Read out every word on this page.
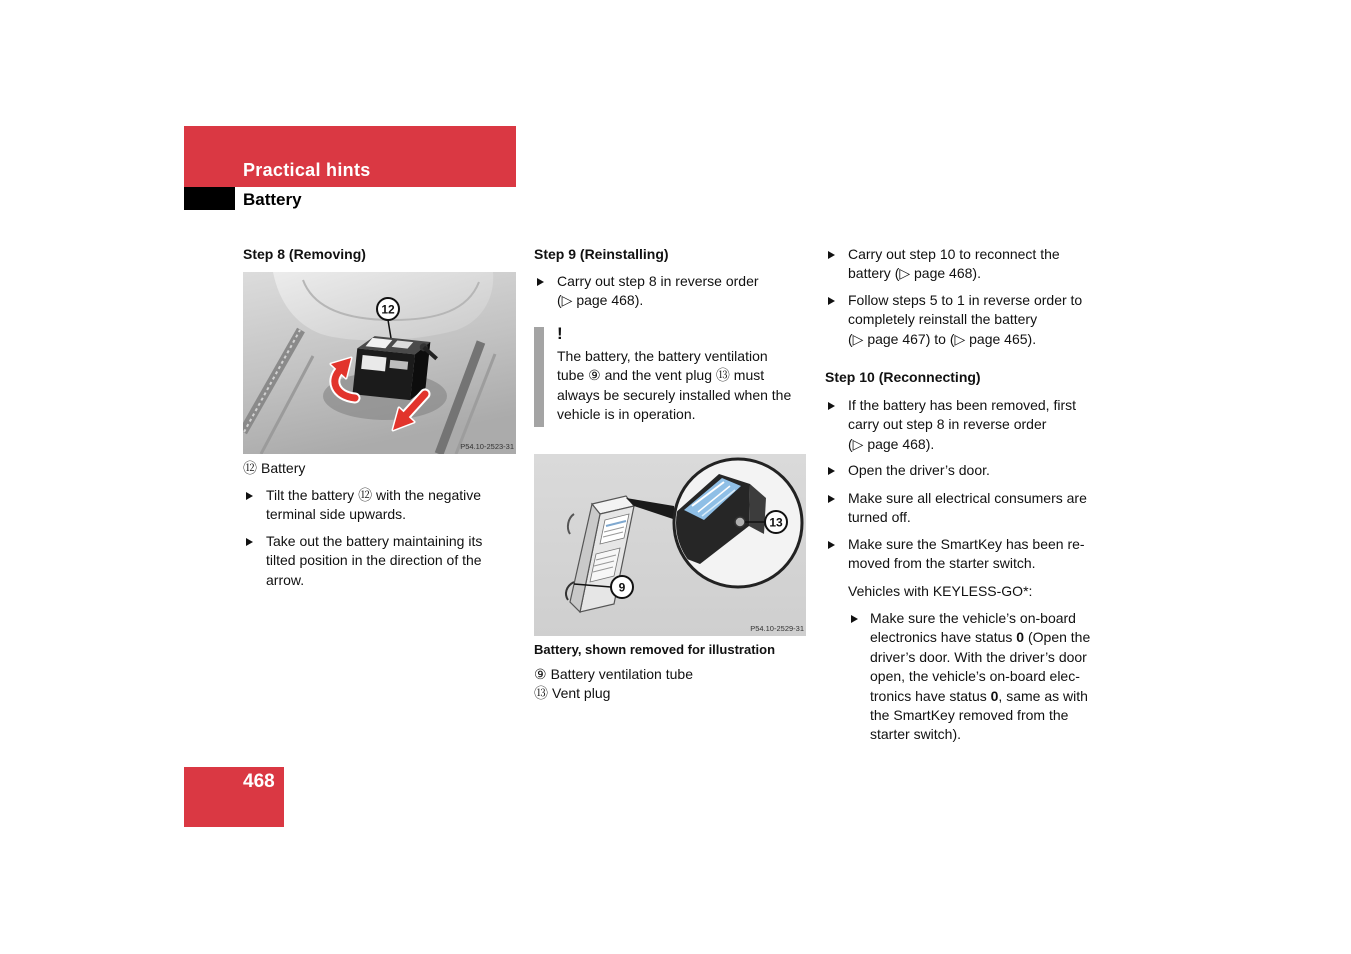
Practical hints
Battery
Step 8 (Removing)
12
P54.10-2523-31
⑫ Battery
Tilt the battery ⑫ with the negative
terminal side upwards.
Take out the battery maintaining its
tilted position in the direction of the
arrow.
Step 9 (Reinstalling)
Carry out step 8 in reverse order
(▷ page 468).
!
The battery, the battery ventilation
tube ⑨ and the vent plug ⑬ must
always be securely installed when the
vehicle is in operation.
13
9
P54.10-2529-31
Battery, shown removed for illustration
⑨ Battery ventilation tube
⑬ Vent plug
Carry out step 10 to reconnect the
battery (▷ page 468).
Follow steps 5 to 1 in reverse order to
completely reinstall the battery
(▷ page 467) to (▷ page 465).
Step 10 (Reconnecting)
If the battery has been removed, first
carry out step 8 in reverse order
(▷ page 468).
Open the driver’s door.
Make sure all electrical consumers are
turned off.
Make sure the SmartKey has been re-
moved from the starter switch.
Vehicles with KEYLESS-GO*:
Make sure the vehicle’s on-board
electronics have status 0 (Open the
driver’s door. With the driver’s door
open, the vehicle’s on-board elec-
tronics have status 0, same as with
the SmartKey removed from the
starter switch).
468
